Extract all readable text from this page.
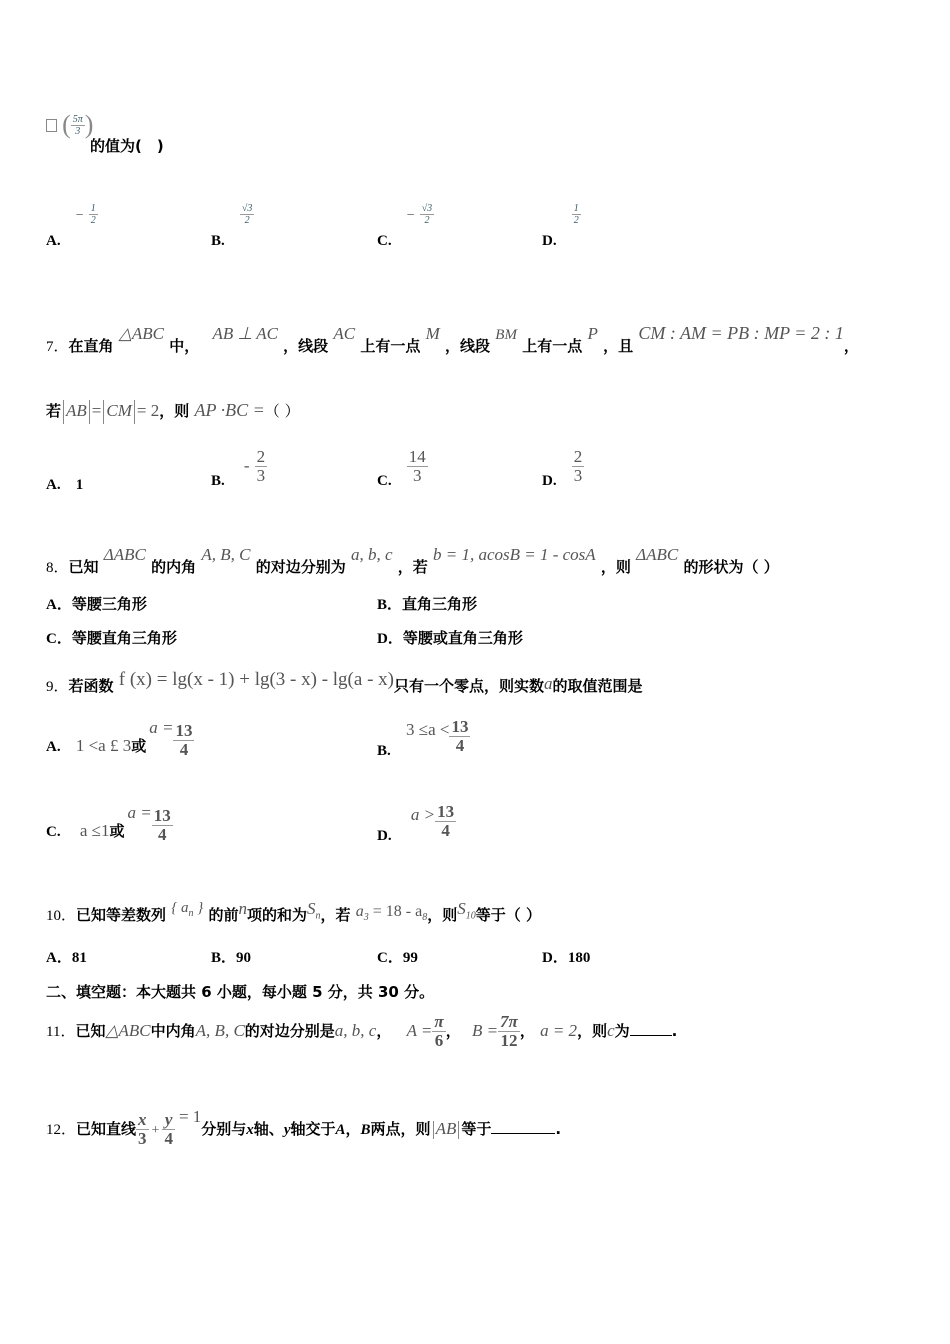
( $\frac{5\pi}{3}$ )
的值为(　)
A. − $\frac{1}{2}$
B.
$\frac{√3}{2}$
C. − $\frac{√3}{2}$
D.
$\frac{1}{2}$
7．在直角 △ABC 中， AB ⊥ AC ，线段 AC 上有一点 M ，线段 BM 上有一点 P ，且 CM : AM = PB : MP = 2 : 1，
若 AB = CM = 2，则 AP ·BC =（ ）
A. 1	B. - $\frac{2}{3}$	C. $\frac{14}{3}$	D. $\frac{2}{3}$
8．已知 ΔABC 的内角 A, B, C 的对边分别为 a, b, c ，若 b = 1, acosB = 1 - cosA ，则 ΔABC 的形状为（ ）
A．等腰三角形	B．直角三角形
C．等腰直角三角形	D．等腰或直角三角形
9．若函数 f (x) = lg(x - 1) + lg(3 - x) - lg(a - x)只有一个零点，则实数a的取值范围是
A. 1 <a £ 3或$a = \frac{13}{4}$	B. $3 \le a < \frac{13}{4}$
C. a ≤1或$a = \frac{13}{4}$	D. $a > \frac{13}{4}$
10．已知等差数列 { $a_n$ } 的前n项的和为$S_n$，若 $a_3 = 18 - a_8$，则$S_{10}$等于（ ）
A．81	B．90	C．99	D．180
二、填空题：本大题共 6 小题，每小题 5 分，共 30 分。
11．已知△ABC中内角A, B, C的对边分别是a, b, c， $A = \frac{\pi}{6}$ ， $B = \frac{7\pi}{12}$ ， a = 2，则c为	.
12．已知直线 $\frac{x}{3} + \frac{y}{4} = 1$分别与x轴、y轴交于A，B两点，则 AB 等于	.
